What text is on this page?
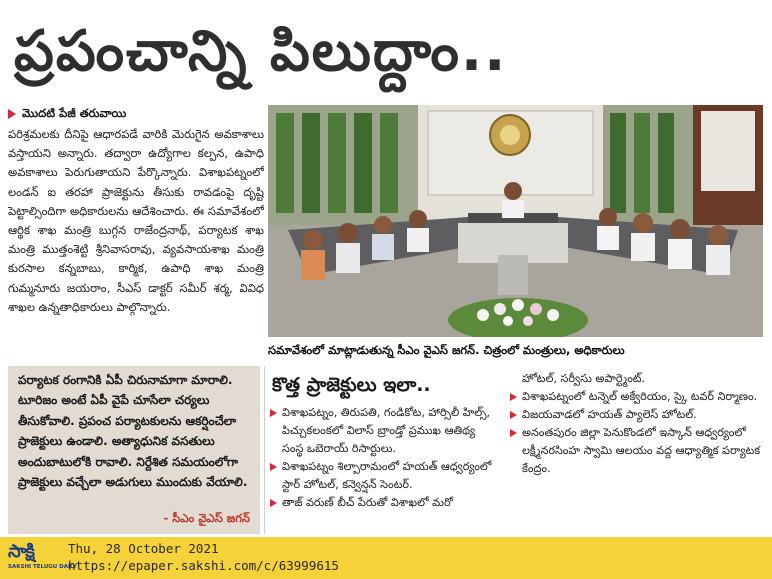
ప్రపంచాన్ని పిలుద్దాం..
మొదటి పేజీ తరువాయి

పరిశ్రమలకు దీనిపై ఆధారపడే వారికి మెరుగైన అవకాశాలు వస్తాయని అన్నారు. తద్వారా ఉద్యోగాల కల్పన, ఉపాధి అవకాశాలు పెరుగుతాయని పేర్కొన్నారు. విశాఖపట్నంలో లండన్ ఐ తరహా ప్రాజెక్టును తీసుకు రావడంపై దృష్టి పెట్టాల్సిందిగా అధికారులను ఆదేశించారు. ఈ సమావేశంలో ఆర్థిక శాఖ మంత్రి బుగ్గన రాజేంద్రనాథ్, పర్యాటక శాఖ మంత్రి ముత్తంశెట్టి శ్రీనివాసరావు, వ్యవసాయశాఖ మంత్రి కురసాల కన్నబాబు, కార్మిక, ఉపాధి శాఖ మంత్రి గుమ్మనూరు జయరాం, సీఎస్ డాక్టర్ సమీర్ శర్మ, వివిధ శాఖల ఉన్నతాధికారులు పాల్గొన్నారు.

సమావేశంలో మాట్లాడుతున్న సీఎం వైఎస్ జగన్. చిత్రంలో మంత్రులు, అధికారులు

పర్యాటక రంగానికి ఏపీ చిరునామాగా మారాలి. టూరిజం అంటే ఏపీ వైపే చూసేలా చర్యలు తీసుకోవాలి. ప్రపంచ పర్యాటకులను ఆకర్షించేలా ప్రాజెక్టులు ఉండాలి. అత్యాధునిక వసతులు అందుబాటులోకి రావాలి. నిర్దేశిత సమయంలోగా ప్రాజెక్టులు వచ్చేలా అడుగులు ముందుకు వేయాలి.

- సీఎం వైఎస్ జగన్
కొత్త ప్రాజెక్టులు ఇలా..
విశాఖపట్నం, తిరుపతి, గండికోట, హార్సిలీ హిల్స్, పిచ్చుకలంకలో విలాస్ బ్రాండ్తో ప్రముఖ ఆతిథ్య సంస్థ ఒబెరాయ్ రిసార్టులు.
విశాఖపట్నం శిల్పారామంలో హయత్ ఆధ్వర్యంలో స్టార్ హోటల్, కన్వెన్షన్ సెంటర్.
తాజ్ వరుణ్ బీచ్ పేరుతో విశాఖలో మరో
హోటల్, సర్వీసు అపార్ట్మెంట్.
విశాఖపట్నంలో టన్నెల్ అక్వేరియం, స్కై టవర్ నిర్మాణం.
విజయవాడలో హయత్ ప్యాలెస్ హోటల్.
అనంతపురం జిల్లా పెనుకొండలో ఇస్కాన్ ఆధ్వర్యంలో లక్ష్మీనరసింహ స్వామి ఆలయం వద్ద ఆధ్యాత్మిక పర్యాటక కేంద్రం.
సాక్షి
SAKSHI TELUGU DAILY
Thu, 28 October 2021
https://epaper.sakshi.com/c/63999615
